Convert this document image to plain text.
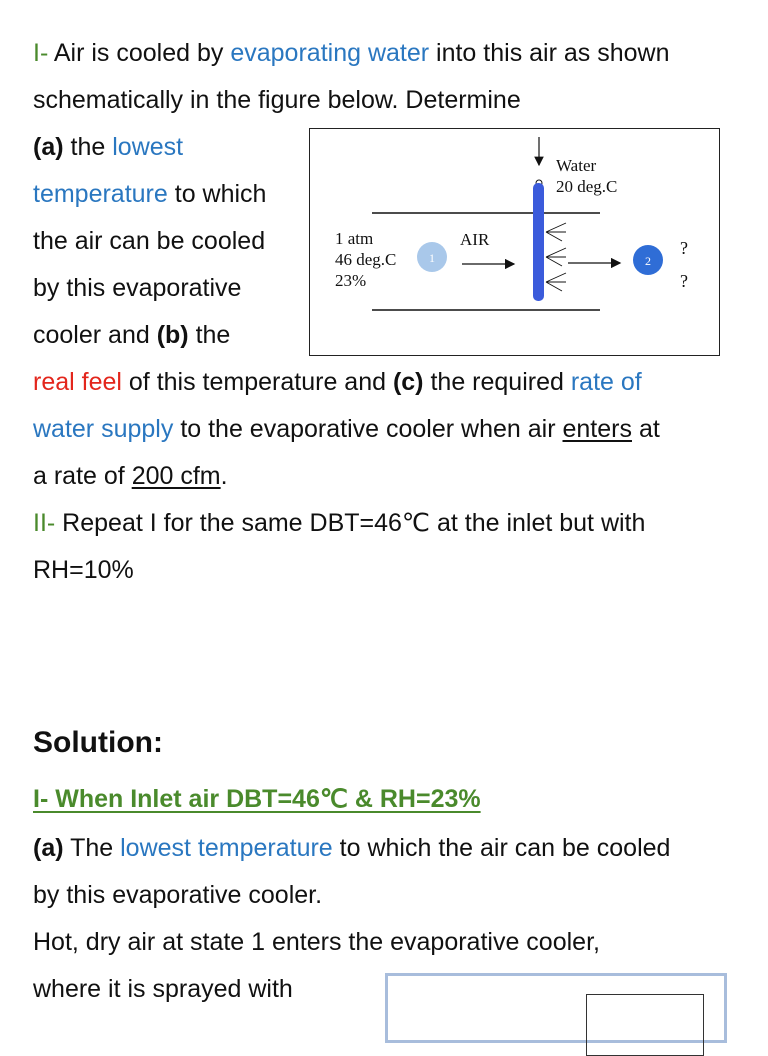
I- Air is cooled by evaporating water into this air as shown
schematically in the figure below. Determine
(a) the lowest
temperature to which
the air can be cooled
by this evaporative
cooler and (b) the
real feel of this temperature and (c) the required rate of
water supply to the evaporative cooler when air enters at
a rate of 200 cfm.
II- Repeat I for the same DBT=46℃ at the inlet but with
RH=10%
1	2
Water
20 deg.C
1 atm
46 deg.C
23%
AIR	?
?
Solution:
I- When Inlet air DBT=46℃ & RH=23%
(a) The lowest temperature to which the air can be cooled
by this evaporative cooler.
Hot, dry air at state 1 enters the evaporative cooler,
where it is sprayed with
